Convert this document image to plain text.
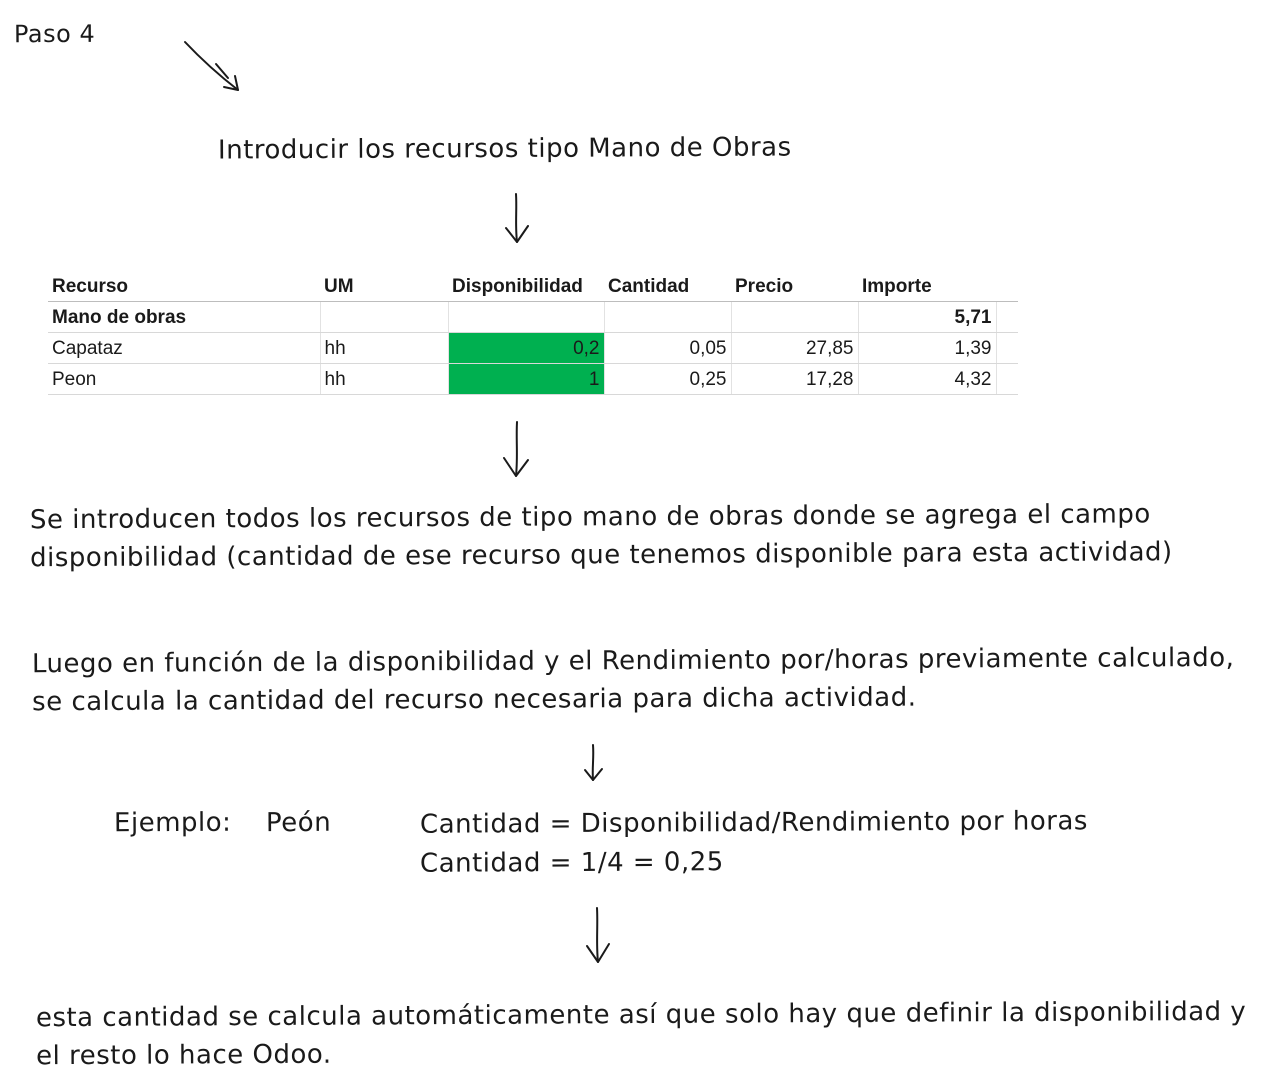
Paso 4
Introducir los recursos tipo Mano de Obras
Recurso	UM	Disponibilidad	Cantidad	Precio	Importe	
Mano de obras					5,71	
Capataz	hh	0,2	0,05	27,85	1,39	
Peon	hh	1	0,25	17,28	4,32	

Se introducen todos los recursos de tipo mano de obras donde se agrega el campo disponibilidad (cantidad de ese recurso que tenemos disponible para esta actividad)

Luego en función de la disponibilidad y el Rendimiento por/horas previamente calculado, se calcula la cantidad del recurso necesaria para dicha actividad.

Ejemplo: Peón	Cantidad = Disponibilidad/Rendimiento por horas
Cantidad = 1/4 = 0,25

esta cantidad se calcula automáticamente así que solo hay que definir la disponibilidad y el resto lo hace Odoo.
